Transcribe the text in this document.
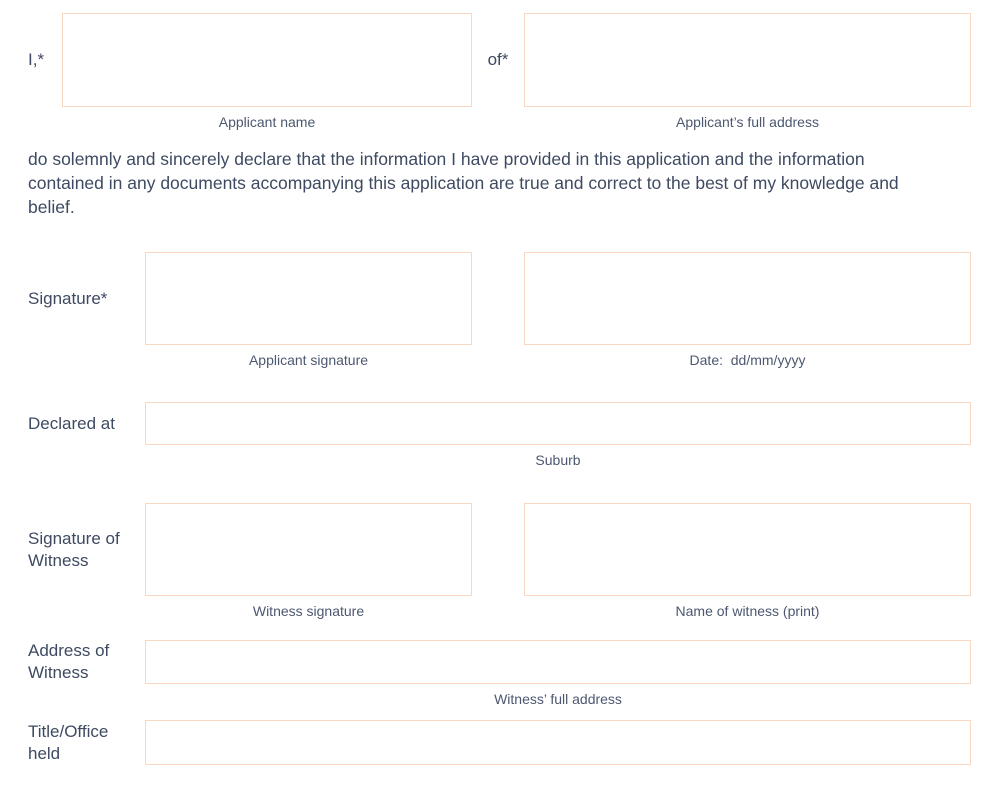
I,*
Applicant name
of*
Applicant’s full address

do solemnly and sincerely declare that the information I have provided in this application and the information contained in any documents accompanying this application are true and correct to the best of my knowledge and belief.

Signature*
Applicant signature	Date:  dd/mm/yyyy
Declared at
Suburb
Signature of Witness
Witness signature	Name of witness (print)
Address of Witness
Witness’ full address
Title/Office held
